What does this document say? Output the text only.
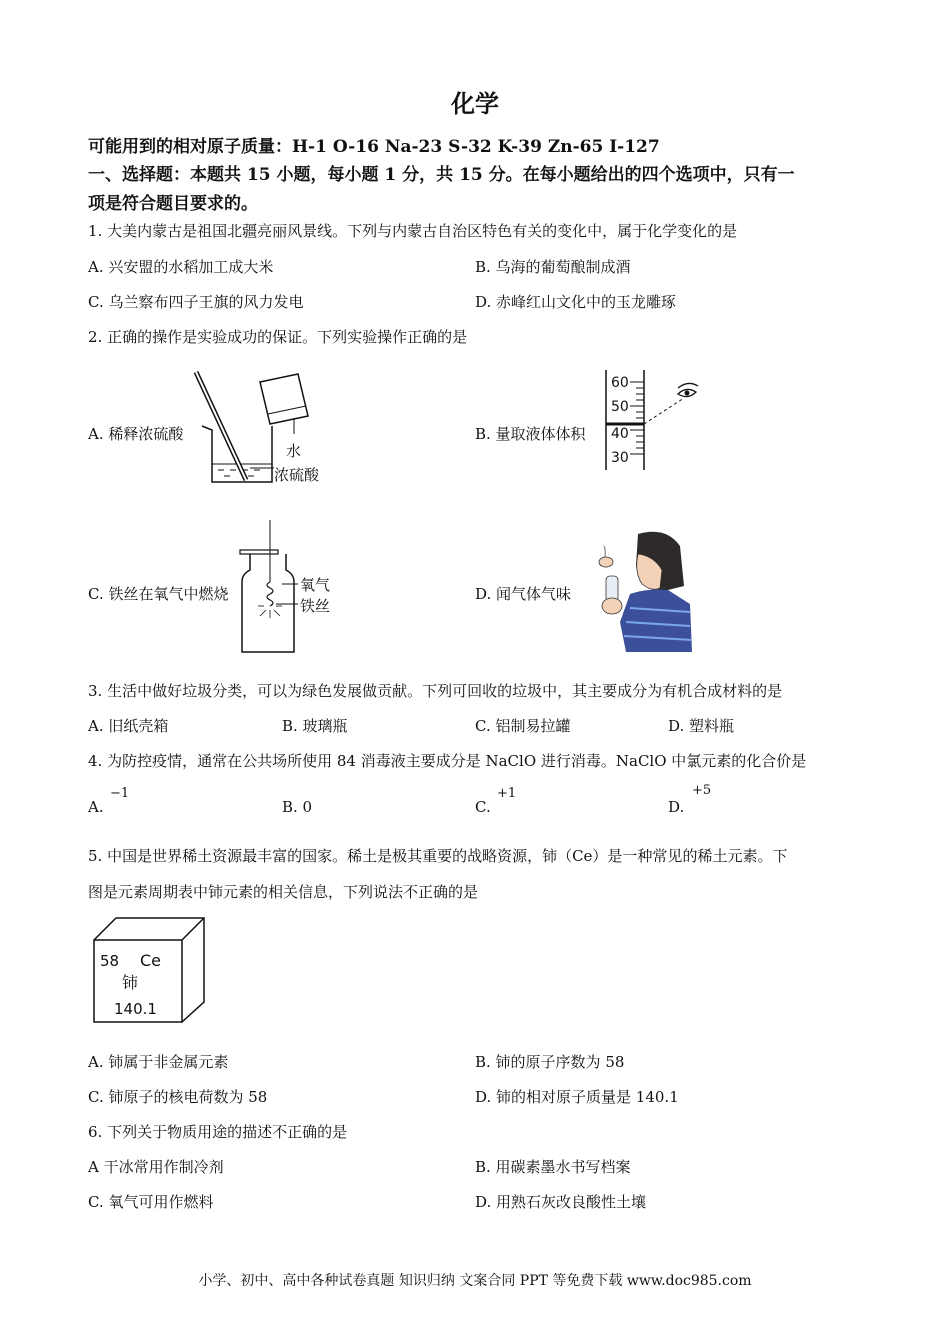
化学
可能用到的相对原子质量：H-1 O-16 Na-23 S-32 K-39 Zn-65 I-127
一、选择题：本题共 15 小题，每小题 1 分，共 15 分。在每小题给出的四个选项中，只有一
项是符合题目要求的。
1. 大美内蒙古是祖国北疆亮丽风景线。下列与内蒙古自治区特色有关的变化中，属于化学变化的是
A. 兴安盟的水稻加工成大米	B. 乌海的葡萄酿制成酒
C. 乌兰察布四子王旗的风力发电	D. 赤峰红山文化中的玉龙雕琢
2. 正确的操作是实验成功的保证。下列实验操作正确的是
A. 稀释浓硫酸	B. 量取液体体积
C. 铁丝在氧气中燃烧	D. 闻气体气味
水
浓硫酸
60
50
40
30
氧气
铁丝
3. 生活中做好垃圾分类，可以为绿色发展做贡献。下列可回收的垃圾中，其主要成分为有机合成材料的是
A. 旧纸壳箱	B. 玻璃瓶	C. 铝制易拉罐	D. 塑料瓶
4. 为防控疫情，通常在公共场所使用 84 消毒液主要成分是 NaClO 进行消毒。NaClO 中氯元素的化合价是
A.
−1
B. 0	C.
+1
D.
+5
5. 中国是世界稀土资源最丰富的国家。稀土是极其重要的战略资源，铈（Ce）是一种常见的稀土元素。下
图是元素周期表中铈元素的相关信息，下列说法不正确的是
58 Ce
铈
140.1
A. 铈属于非金属元素	B. 铈的原子序数为 58
C. 铈原子的核电荷数为 58	D. 铈的相对原子质量是 140.1
6. 下列关于物质用途的描述不正确的是
A 干冰常用作制冷剂	B. 用碳素墨水书写档案
C. 氧气可用作燃料	D. 用熟石灰改良酸性土壤
小学、初中、高中各种试卷真题 知识归纳 文案合同 PPT 等免费下载 www.doc985.com
